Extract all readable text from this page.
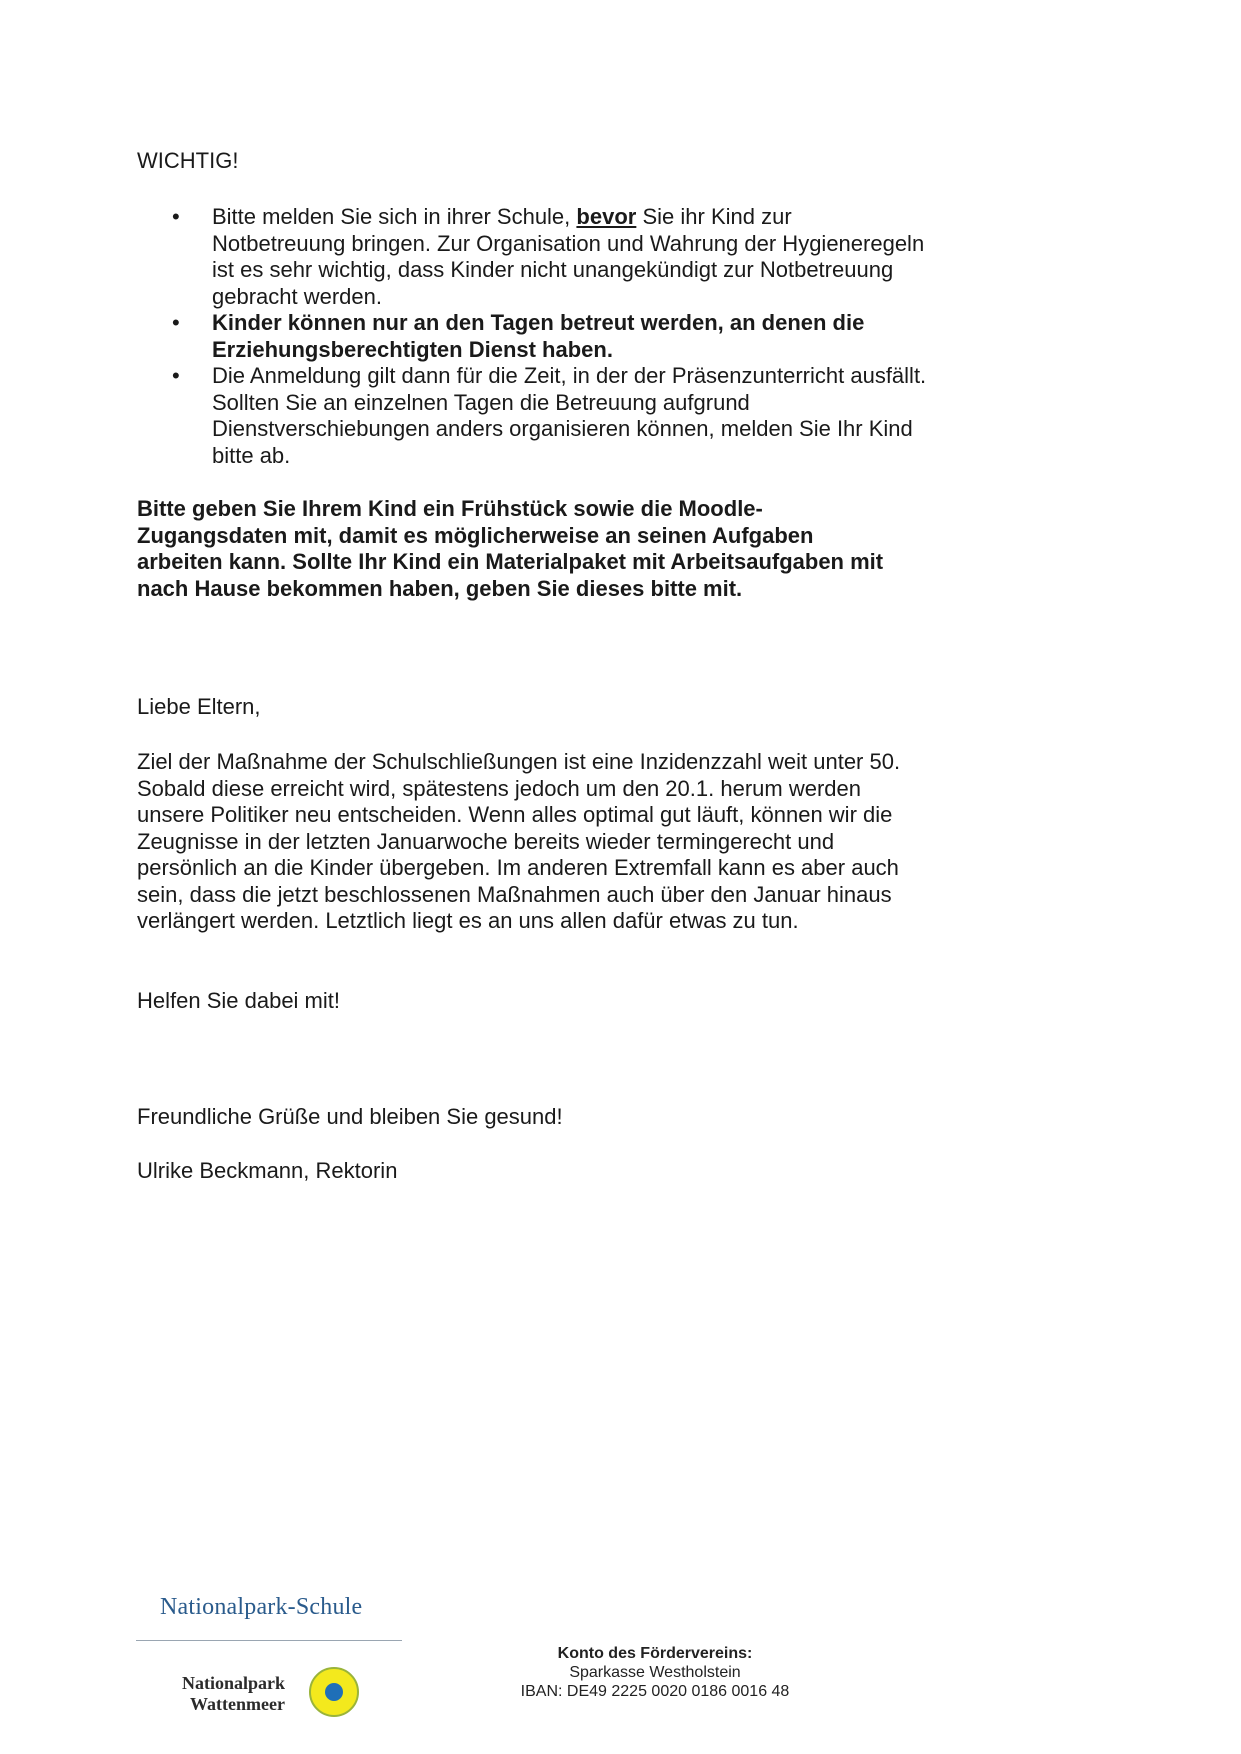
WICHTIG!
• Bitte melden Sie sich in ihrer Schule, bevor Sie ihr Kind zur Notbetreuung bringen. Zur Organisation und Wahrung der Hygieneregeln ist es sehr wichtig, dass Kinder nicht unangekündigt zur Notbetreuung gebracht werden.
• Kinder können nur an den Tagen betreut werden, an denen die Erziehungsberechtigten Dienst haben.
• Die Anmeldung gilt dann für die Zeit, in der der Präsenzunterricht ausfällt. Sollten Sie an einzelnen Tagen die Betreuung aufgrund Dienstverschiebungen anders organisieren können, melden Sie Ihr Kind bitte ab.
Bitte geben Sie Ihrem Kind ein Frühstück sowie die Moodle-Zugangsdaten mit, damit es möglicherweise an seinen Aufgaben arbeiten kann. Sollte Ihr Kind ein Materialpaket mit Arbeitsaufgaben mit nach Hause bekommen haben, geben Sie dieses bitte mit.
Liebe Eltern,
Ziel der Maßnahme der Schulschließungen ist eine Inzidenzzahl weit unter 50. Sobald diese erreicht wird, spätestens jedoch um den 20.1. herum werden unsere Politiker neu entscheiden. Wenn alles optimal gut läuft, können wir die Zeugnisse in der letzten Januarwoche bereits wieder termingerecht und persönlich an die Kinder übergeben. Im anderen Extremfall kann es aber auch sein, dass die jetzt beschlossenen Maßnahmen auch über den Januar hinaus verlängert werden. Letztlich liegt es an uns allen dafür etwas zu tun.
Helfen Sie dabei mit!
Freundliche Grüße und bleiben Sie gesund!
Ulrike Beckmann, Rektorin
Nationalpark-Schule
Nationalpark
Wattenmeer
Konto des Fördervereins:
Sparkasse Westholstein
IBAN: DE49 2225 0020 0186 0016 48
